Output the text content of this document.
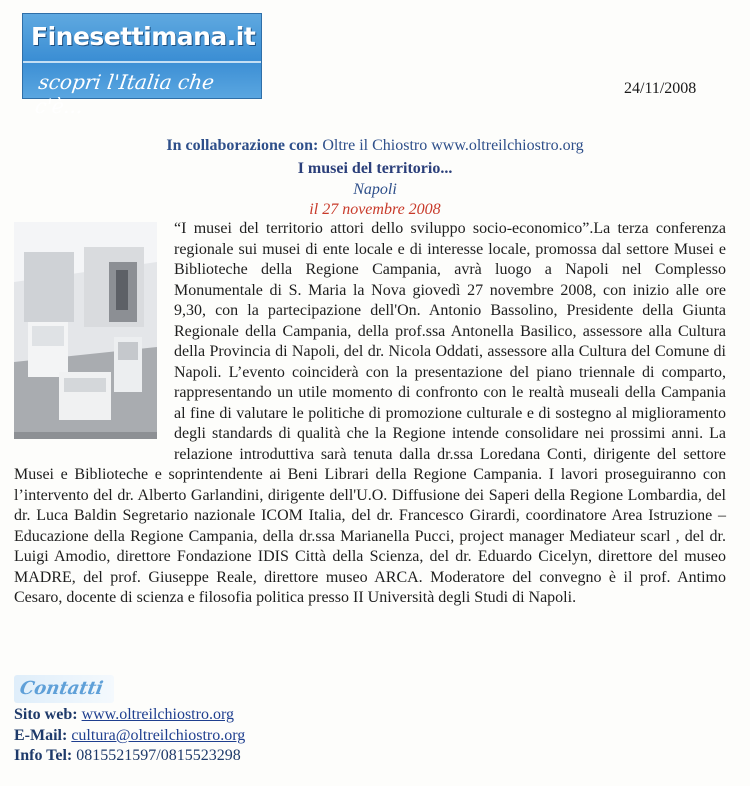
Finesettimana.it
scopri l'Italia che c'è...
24/11/2008
In collaborazione con: Oltre il Chiostro www.oltreilchiostro.org
I musei del territorio...
Napoli
il 27 novembre 2008
“I musei del territorio attori dello sviluppo socio-economico”.La terza conferenza regionale sui musei di ente locale e di interesse locale, promossa dal settore Musei e Biblioteche della Regione Campania, avrà luogo a Napoli nel Complesso Monumentale di S. Maria la Nova giovedì 27 novembre 2008, con inizio alle ore 9,30, con la partecipazione dell'On. Antonio Bassolino, Presidente della Giunta Regionale della Campania, della prof.ssa Antonella Basilico, assessore alla Cultura della Provincia di Napoli, del dr. Nicola Oddati, assessore alla Cultura del Comune di Napoli. L’evento coinciderà con la presentazione del piano triennale di comparto, rappresentando un utile momento di confronto con le realtà museali della Campania al fine di valutare le politiche di promozione culturale e di sostegno al miglioramento degli standards di qualità che la Regione intende consolidare nei prossimi anni. La relazione introduttiva sarà tenuta dalla dr.ssa Loredana Conti, dirigente del settore Musei e Biblioteche e soprintendente ai Beni Librari della Regione Campania. I lavori proseguiranno con l’intervento del dr. Alberto Garlandini, dirigente dell'U.O. Diffusione dei Saperi della Regione Lombardia, del dr. Luca Baldin Segretario nazionale ICOM Italia, del dr. Francesco Girardi, coordinatore Area Istruzione – Educazione della Regione Campania, della dr.ssa Marianella Pucci, project manager Mediateur scarl , del dr. Luigi Amodio, direttore Fondazione IDIS Città della Scienza, del dr. Eduardo Cicelyn, direttore del museo MADRE, del prof. Giuseppe Reale, direttore museo ARCA. Moderatore del convegno è il prof. Antimo Cesaro, docente di scienza e filosofia politica presso II Università degli Studi di Napoli.
Contatti
Sito web: www.oltreilchiostro.org
E-Mail: cultura@oltreilchiostro.org
Info Tel: 0815521597/0815523298
